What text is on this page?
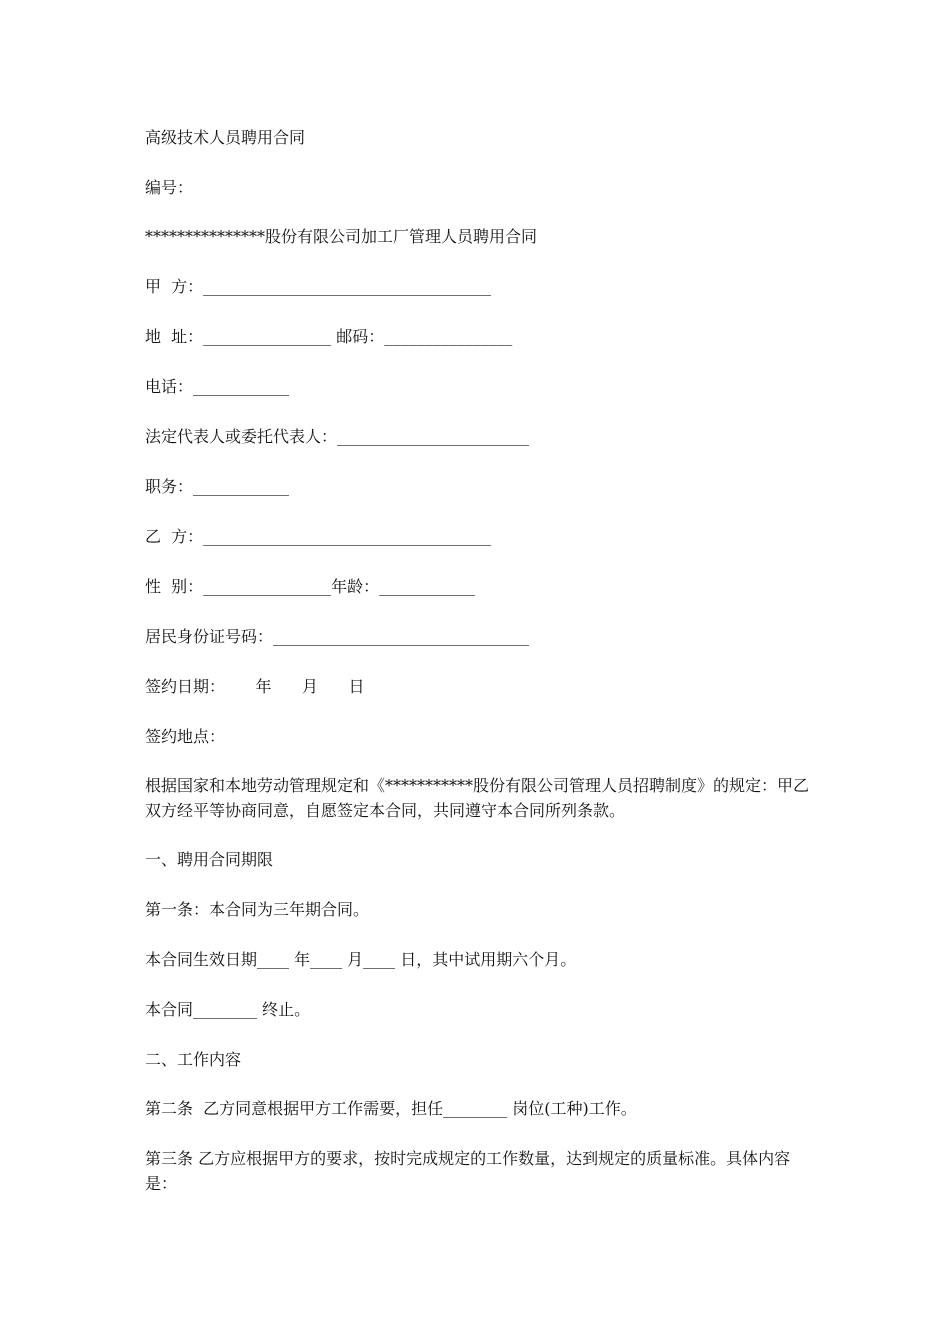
高级技术人员聘用合同
编号：
***************股份有限公司加工厂管理人员聘用合同
甲  方：____________________________________
地  址：________________ 邮码：________________
电话：____________
法定代表人或委托代表人：________________________
职务：____________
乙  方：____________________________________
性  别：________________年龄：____________
居民身份证号码：________________________________
签约日期：      年      月      日
签约地点：
根据国家和本地劳动管理规定和《***********股份有限公司管理人员招聘制度》的规定：甲乙双方经平等协商同意，自愿签定本合同，共同遵守本合同所列条款。
一、聘用合同期限
第一条：本合同为三年期合同。
本合同生效日期____ 年____ 月____ 日，其中试用期六个月。
本合同________ 终止。
二、工作内容
第二条  乙方同意根据甲方工作需要，担任________ 岗位(工种)工作。
第三条 乙方应根据甲方的要求，按时完成规定的工作数量，达到规定的质量标准。具体内容是：
